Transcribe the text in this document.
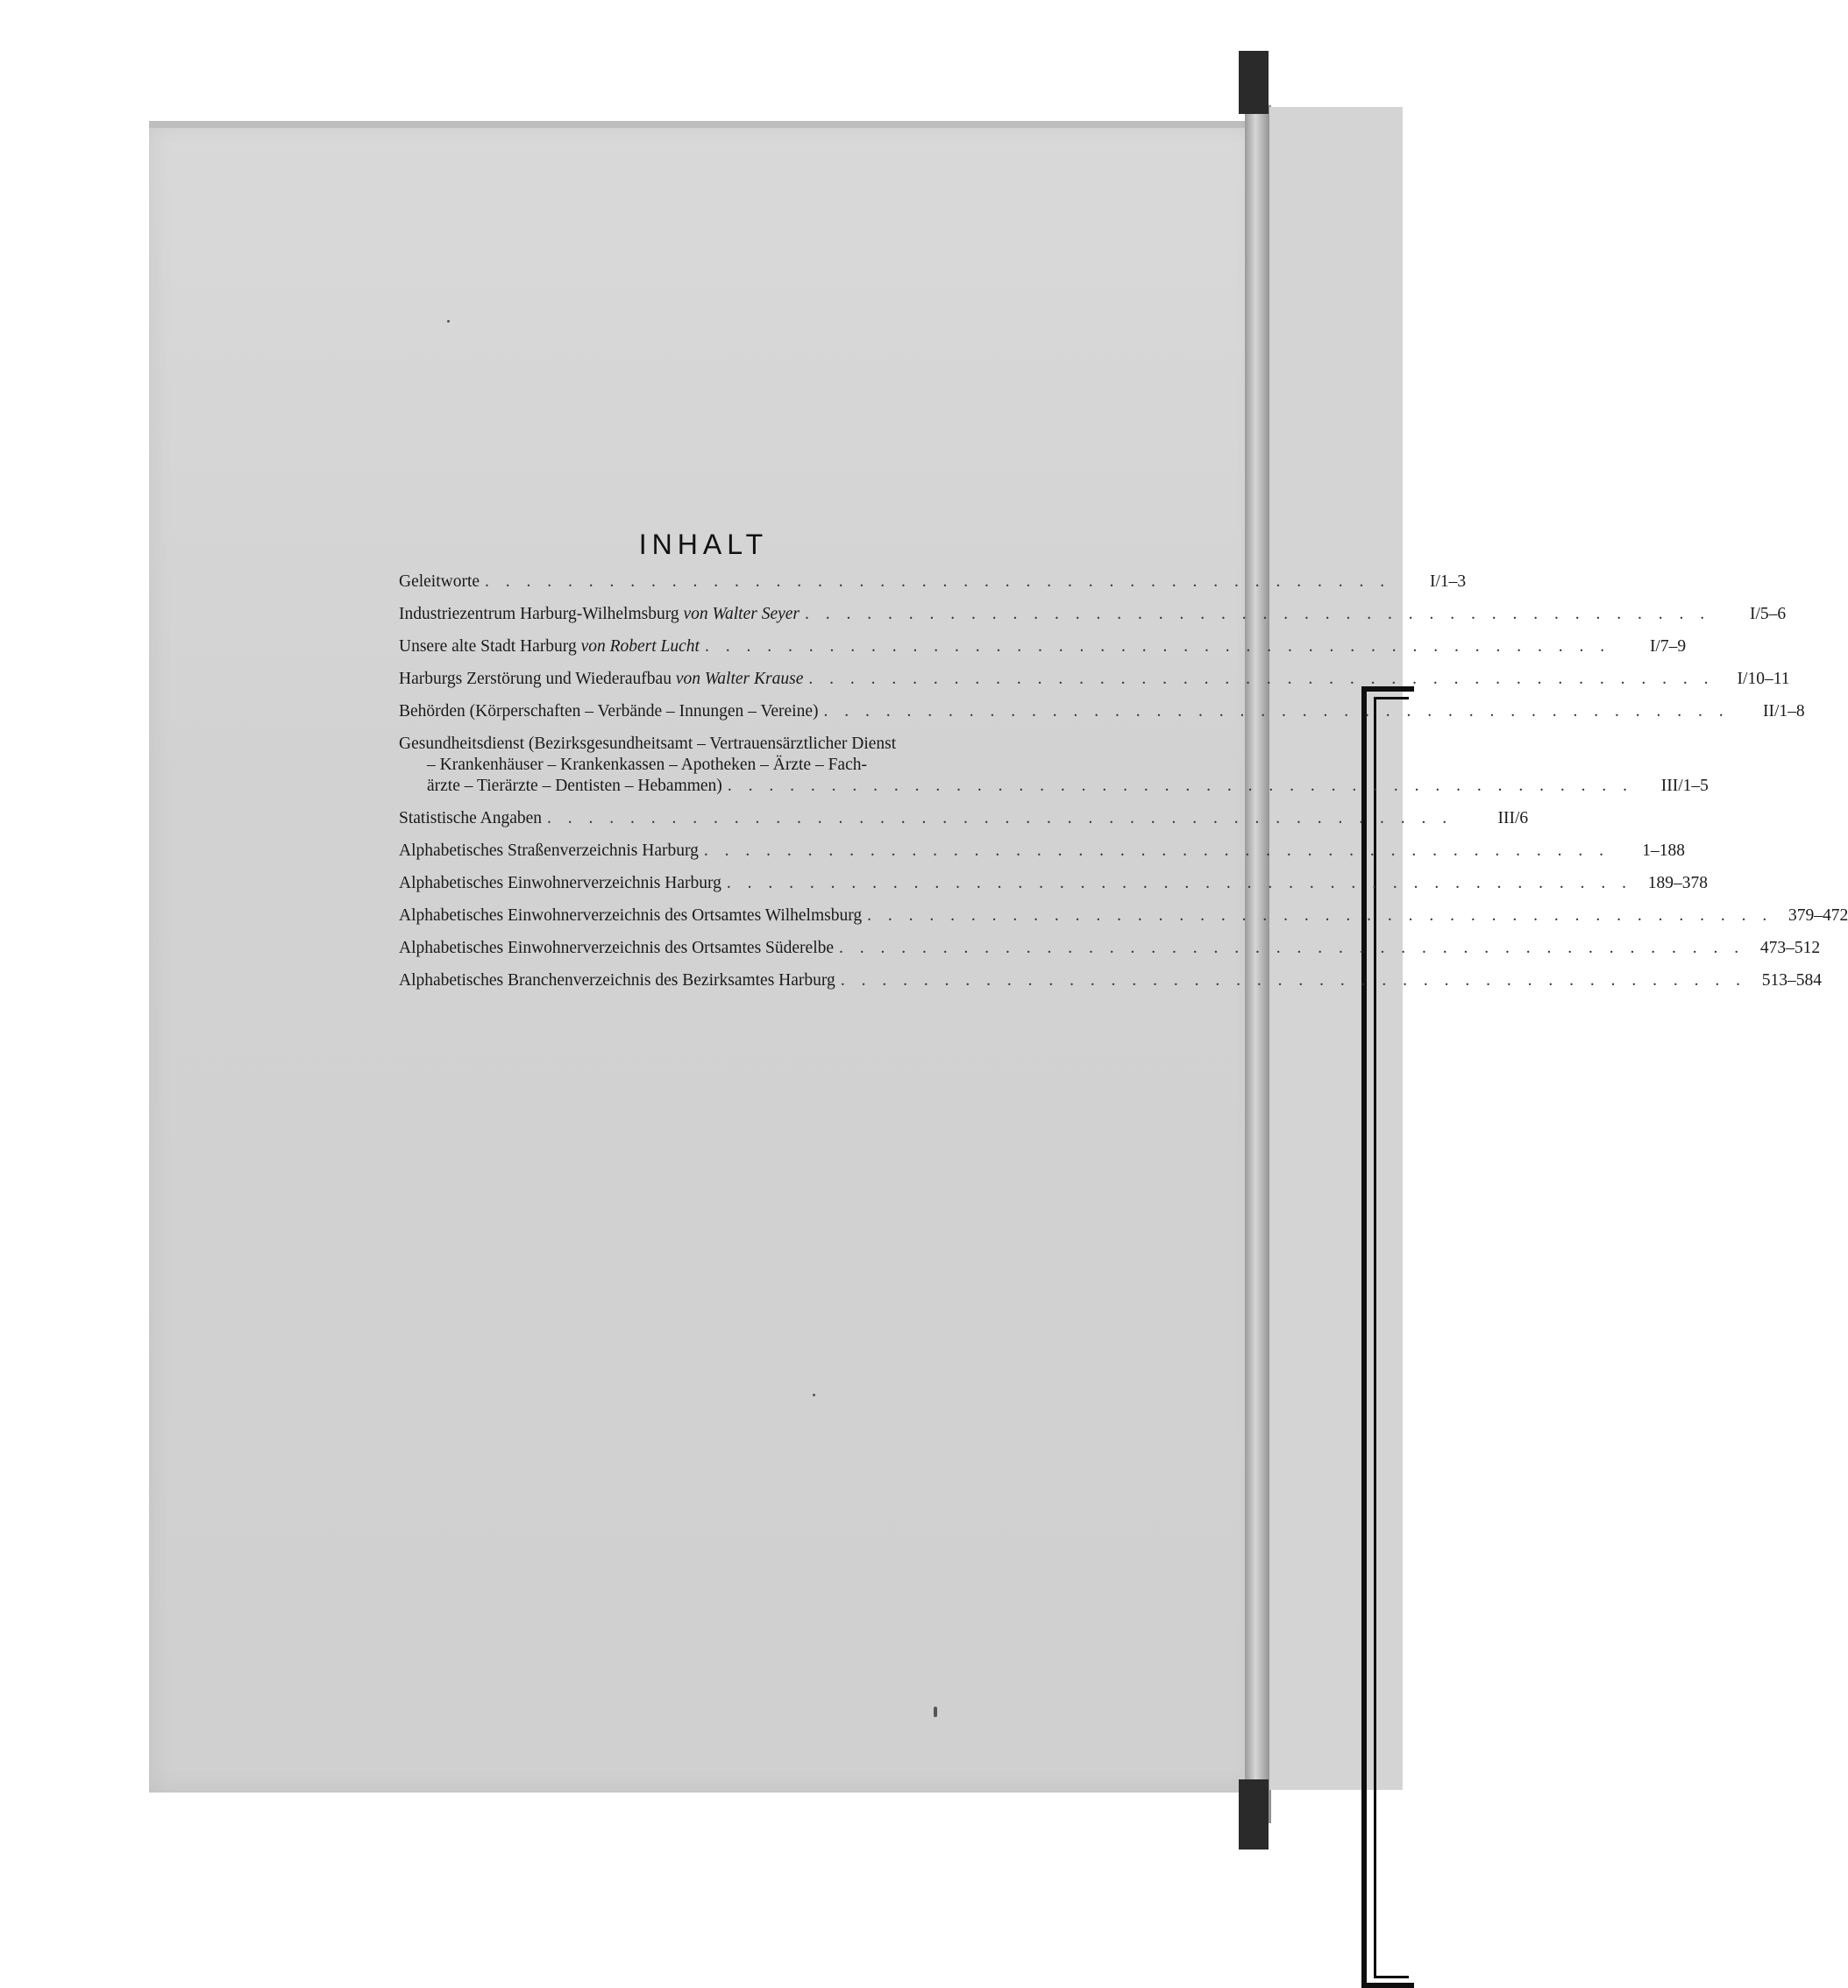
INHALT
Geleitworte . . . . . . . . . . . . . . . . . . . . . . . . . . . . . . . . . . . . . . . . . . . .	I/1–3
Industriezentrum Harburg-Wilhelmsburg von Walter Seyer . . . . . . . . . . . . . . . . . . . . . . . . . . . . . . . . . . . . . . . . . . . .	I/5–6
Unsere alte Stadt Harburg von Robert Lucht . . . . . . . . . . . . . . . . . . . . . . . . . . . . . . . . . . . . . . . . . . . .	I/7–9
Harburgs Zerstörung und Wiederaufbau von Walter Krause . . . . . . . . . . . . . . . . . . . . . . . . . . . . . . . . . . . . . . . . . . . .	I/10–11
Behörden (Körperschaften – Verbände – Innungen – Vereine) . . . . . . . . . . . . . . . . . . . . . . . . . . . . . . . . . . . . . . . . . . . .	II/1–8
Gesundheitsdienst (Bezirksgesundheitsamt – Vertrauensärztlicher Dienst
– Krankenhäuser – Krankenkassen – Apotheken – Ärzte – Fach-
ärzte – Tierärzte – Dentisten – Hebammen) . . . . . . . . . . . . . . . . . . . . . . . . . . . . . . . . . . . . . . . . . . . .	III/1–5
Statistische Angaben . . . . . . . . . . . . . . . . . . . . . . . . . . . . . . . . . . . . . . . . . . . .	III/6
Alphabetisches Straßenverzeichnis Harburg . . . . . . . . . . . . . . . . . . . . . . . . . . . . . . . . . . . . . . . . . . . .	1–188
Alphabetisches Einwohnerverzeichnis Harburg . . . . . . . . . . . . . . . . . . . . . . . . . . . . . . . . . . . . . . . . . . . . 189–378
Alphabetisches Einwohnerverzeichnis des Ortsamtes Wilhelmsburg . . . . . . . . . . . . . . . . . . . . . . . . . . . . . . . . . . . . . . . . . . . . 379–472
Alphabetisches Einwohnerverzeichnis des Ortsamtes Süderelbe . . . . . . . . . . . . . . . . . . . . . . . . . . . . . . . . . . . . . . . . . . . . 473–512
Alphabetisches Branchenverzeichnis des Bezirksamtes Harburg . . . . . . . . . . . . . . . . . . . . . . . . . . . . . . . . . . . . . . . . . . . . 513–584
